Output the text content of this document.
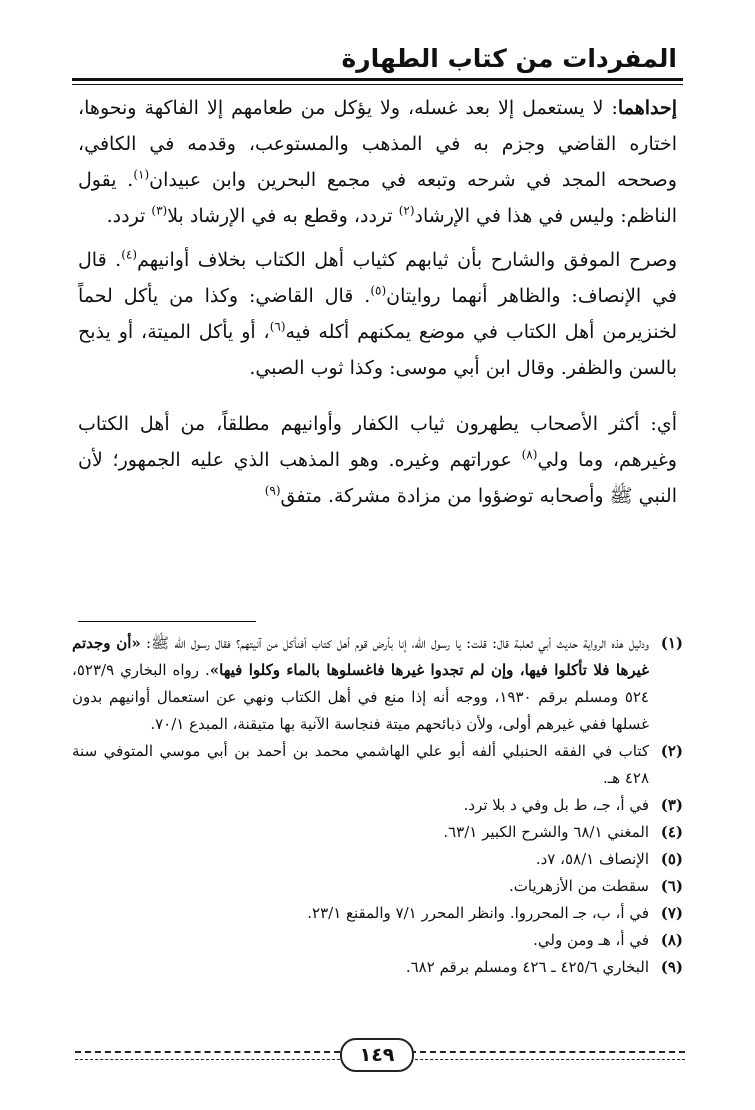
المفردات من كتاب الطهارة

إحداهما: لا يستعمل إلا بعد غسله، ولا يؤكل من طعامهم إلا الفاكهة ونحوها، اختاره القاضي وجزم به في المذهب والمستوعب، وقدمه في الكافي، وصححه المجد في شرحه وتبعه في مجمع البحرين وابن عبيدان$^{(١)}$. يقول الناظم: وليس في هذا في الإرشاد$^{(٢)}$ تردد، وقطع به في الإرشاد بلا$^{(٣)}$ تردد.

وصرح الموفق والشارح بأن ثيابهم كثياب أهل الكتاب بخلاف أوانيهم$^{(٤)}$. قال في الإنصاف: والظاهر أنهما روايتان$^{(٥)}$. قال القاضي: وكذا من يأكل لحماً لخنزيرمن أهل الكتاب في موضع يمكنهم أكله فيه$^{(٦)}$، أو يأكل الميتة، أو يذبح بالسن والظفر. وقال ابن أبي موسى: وكذا ثوب الصبي.

أي: أكثر الأصحاب يطهرون ثياب الكفار وأوانيهم مطلقاً، من أهل الكتاب وغيرهم، وما ولي$^{(٨)}$ عوراتهم وغيره. وهو المذهب الذي عليه الجمهور؛ لأن النبي ﷺ وأصحابه توضؤوا من مزادة مشركة. متفق$^{(٩)}$

(١)
ودليل هذه الرواية حديث أبي ثعلبة قال: قلت: يا رسول الله، إنا بأرض قوم أهل كتاب أفنأكل من آنيتهم؟ فقال رسول الله ﷺ: «أن وجدتم غيرها فلا تأكلوا فيها، وإن لم تجدوا غيرها فاغسلوها بالماء وكلوا فيها». رواه البخاري ٥٢٣/٩، ٥٢٤ ومسلم برقم ١٩٣٠، ووجه أنه إذا منع في أهل الكتاب ونهي عن استعمال أوانيهم بدون غسلها ففي غيرهم أولى، ولأن ذبائحهم ميتة فنجاسة الآنية بها متيقنة، المبدع ٧٠/١.
(٢)
كتاب في الفقه الحنبلي ألفه أبو علي الهاشمي محمد بن أحمد بن أبي موسي المتوفي سنة ٤٢٨ هـ.
(٣)
في أ، جـ، ط بل وفي د بلا ترد.
(٤)
المغني ٦٨/١ والشرح الكبير ٦٣/١.
(٥)
الإنصاف ٥٨/١، ٧د.
(٦)
سقطت من الأزهريات.
(٧)
في أ، ب، جـ المحرروا. وانظر المحرر ٧/١ والمقنع ٢٣/١.
(٨)
في أ، هـ ومن ولي.
(٩)
البخاري ٤٢٥/٦ ـ ٤٢٦ ومسلم برقم ٦٨٢.
١٤٩
